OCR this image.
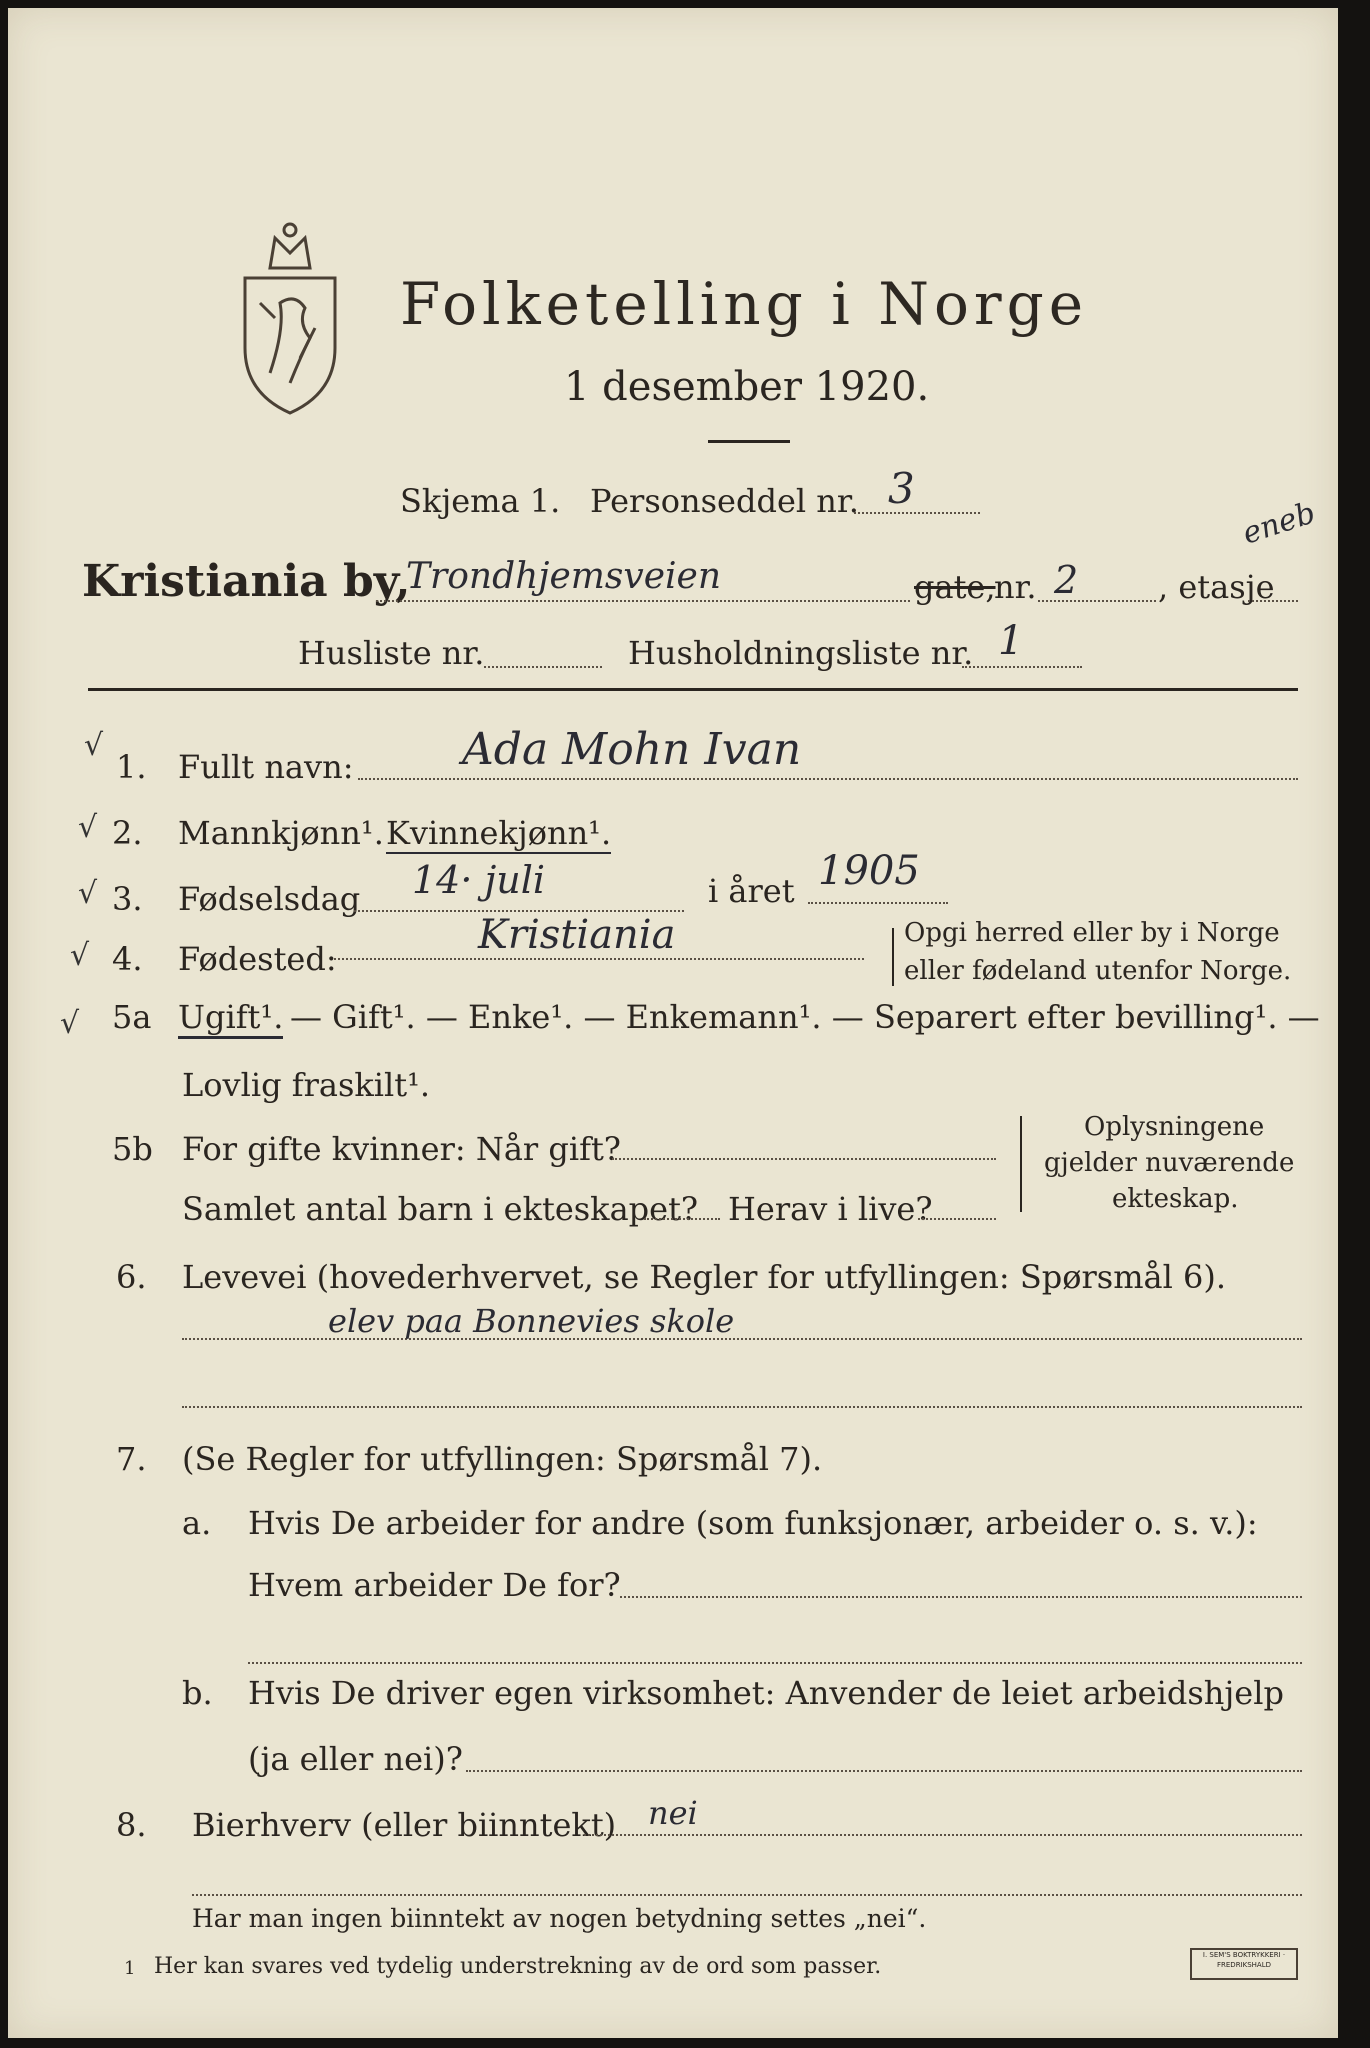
Folketelling i Norge
1 desember 1920.
Skjema 1. Personseddel nr. 3
eneb
Kristiania by,
Trondhjemsveien	gate,
nr. 2 , etasje
Husliste nr.	Husholdningsliste nr. 1
√
√
√
√
√
1. Fullt navn: Ada Mohn Ivan
2. Mannkjønn¹. Kvinnekjønn¹.
3. Fødselsdag 14· juli	i året 1905
4. Fødested:
Kristiania	Opgi herred eller by i Norge
eller fødeland utenfor Norge.
5a Ugift¹. — Gift¹. — Enke¹. — Enkemann¹. — Separert efter bevilling¹. —
Lovlig fraskilt¹.
5b For gifte kvinner: Når gift?
Samlet antal barn i ekteskapet? Herav i live?
Oplysningene
gjelder nuværende
ekteskap.
6. Levevei (hovederhvervet, se Regler for utfyllingen: Spørsmål 6).
elev paa Bonnevies skole
7. (Se Regler for utfyllingen: Spørsmål 7).
a. Hvis De arbeider for andre (som funksjonær, arbeider o. s. v.):
Hvem arbeider De for?
b. Hvis De driver egen virksomhet: Anvender de leiet arbeidshjelp
(ja eller nei)?
8. Bierhverv (eller biinntekt) nei
Har man ingen biinntekt av nogen betydning settes „nei“.
1 Her kan svares ved tydelig understrekning av de ord som passer.	I. SEM'S BOKTRYKKERI · FREDRIKSHALD
